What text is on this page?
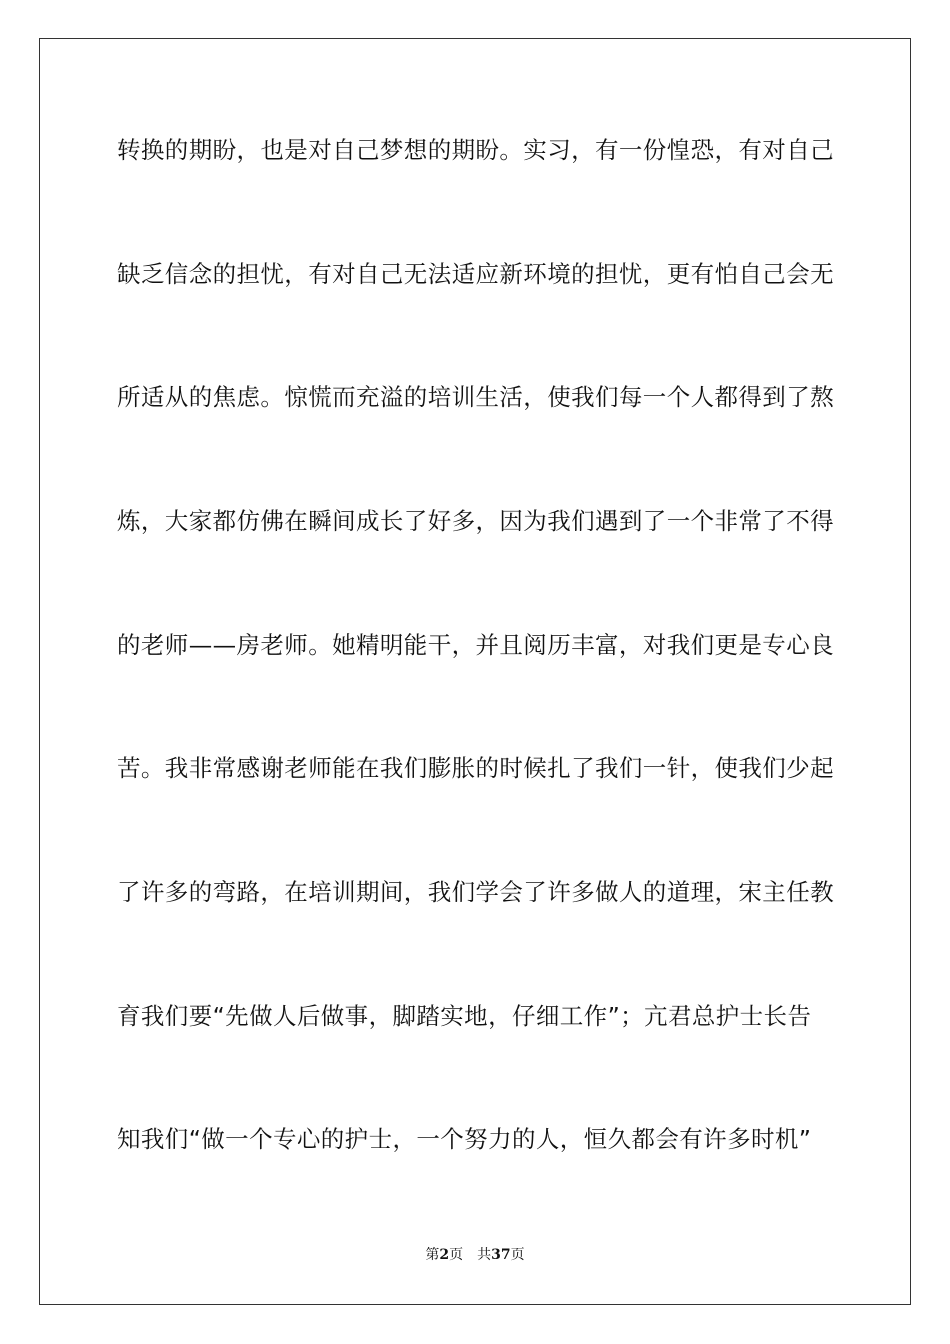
转换的期盼，也是对自己梦想的期盼。实习，有一份惶恐，有对自己
缺乏信念的担忧，有对自己无法适应新环境的担忧，更有怕自己会无
所适从的焦虑。惊慌而充溢的培训生活，使我们每一个人都得到了熬
炼，大家都仿佛在瞬间成长了好多，因为我们遇到了一个非常了不得
的老师——房老师。她精明能干，并且阅历丰富，对我们更是专心良
苦。我非常感谢老师能在我们膨胀的时候扎了我们一针，使我们少起
了许多的弯路，在培训期间，我们学会了许多做人的道理，宋主任教
育我们要“先做人后做事，脚踏实地，仔细工作”；亢君总护士长告
知我们“做一个专心的护士，一个努力的人，恒久都会有许多时机”
第2页 共37页
